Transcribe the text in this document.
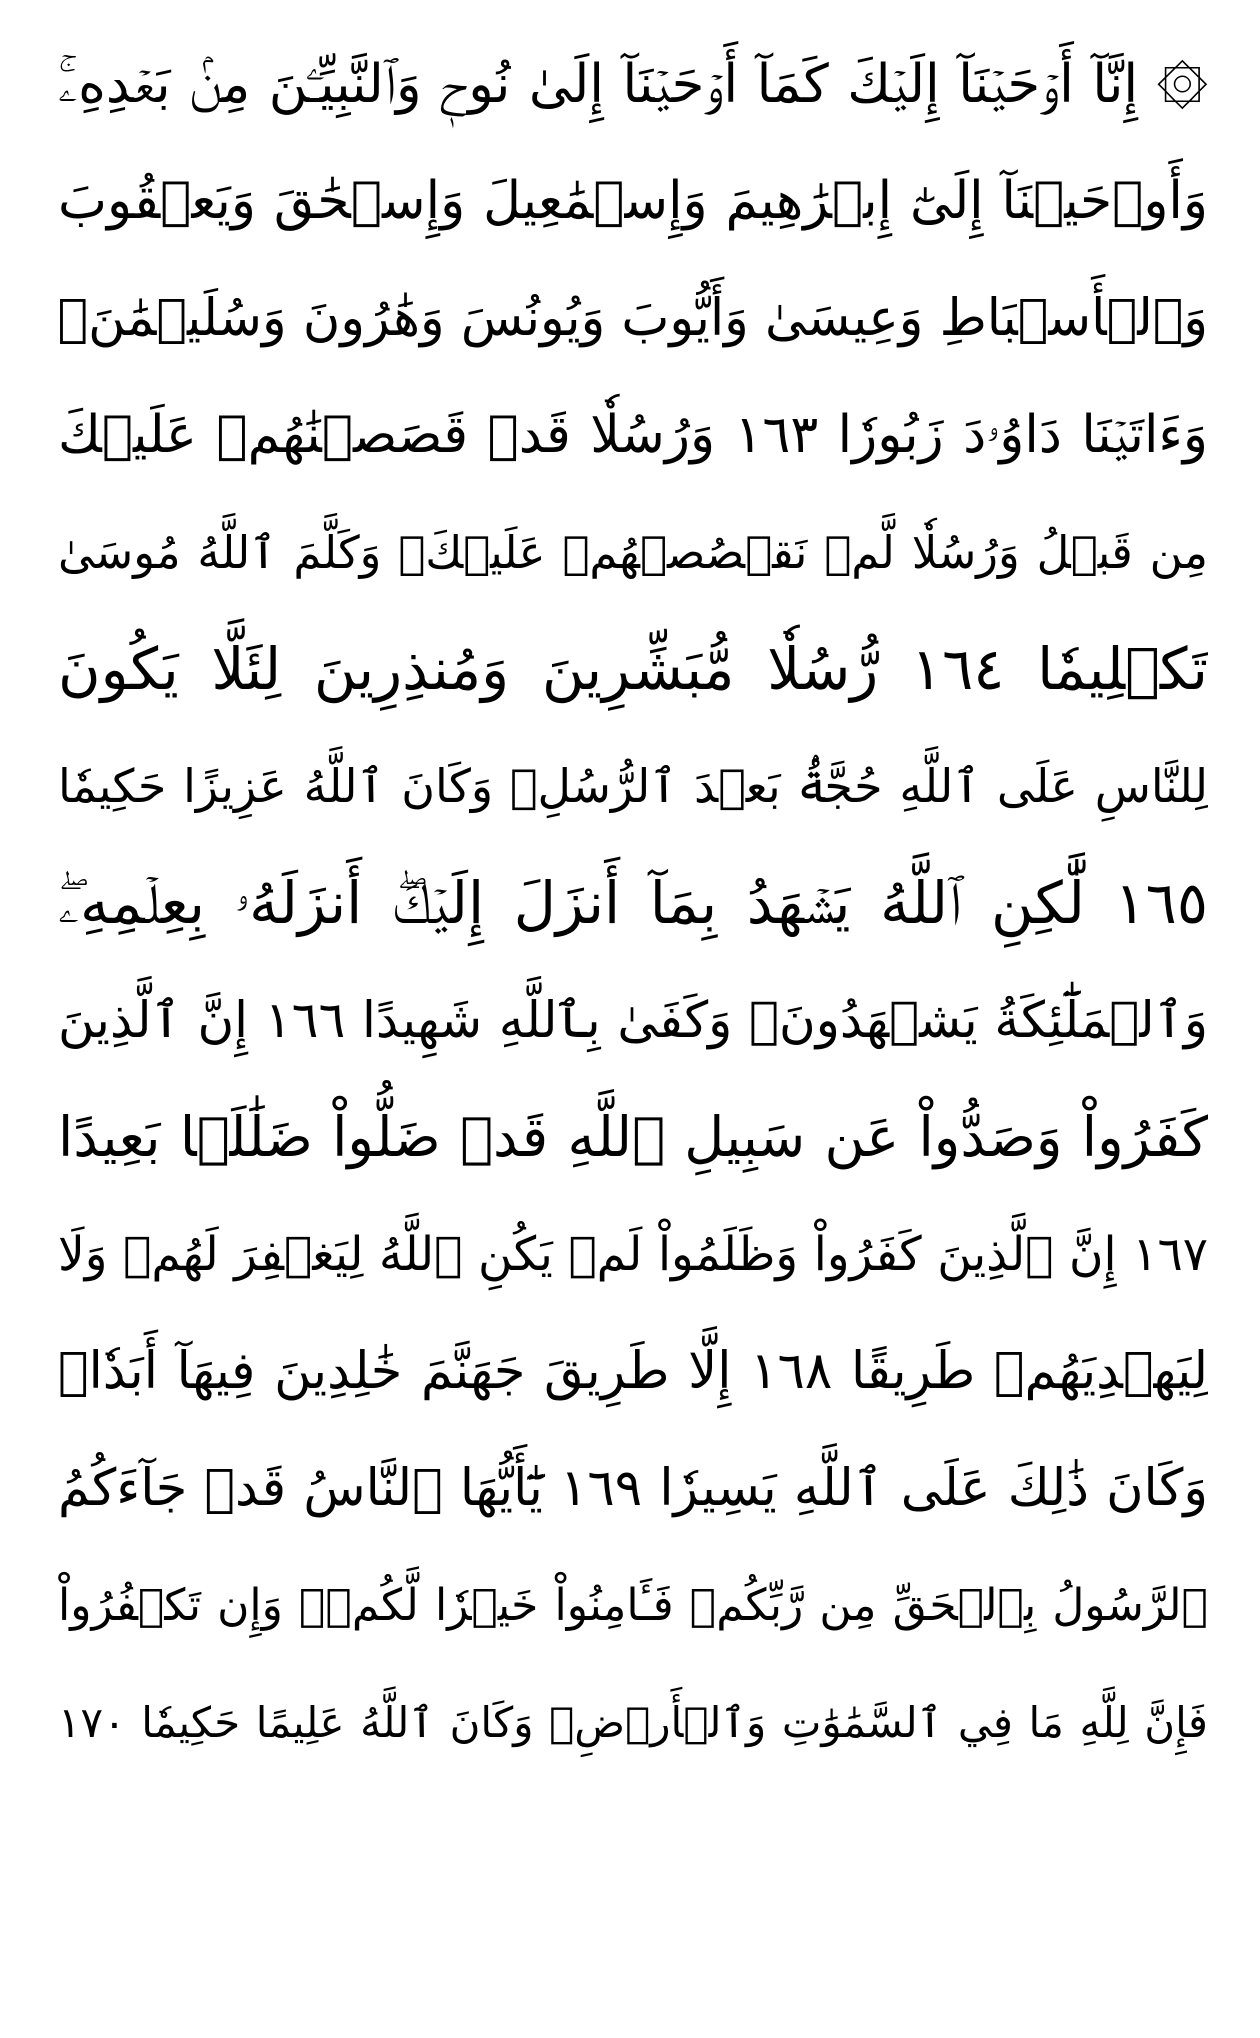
۞ إِنَّآ أَوۡحَيۡنَآ إِلَيۡكَ كَمَآ أَوۡحَيۡنَآ إِلَىٰ نُوحٖ وَٱلنَّبِيِّـۧنَ مِنۢ بَعۡدِهِۦۚ
وَأَوۡحَيۡنَآ إِلَىٰٓ إِبۡرَٰهِيمَ وَإِسۡمَٰعِيلَ وَإِسۡحَٰقَ وَيَعۡقُوبَ
وَٱلۡأَسۡبَاطِ وَعِيسَىٰ وَأَيُّوبَ وَيُونُسَ وَهَٰرُونَ وَسُلَيۡمَٰنَۚ
وَءَاتَيۡنَا دَاوُۥدَ زَبُورٗا ١٦٣ وَرُسُلٗا قَدۡ قَصَصۡنَٰهُمۡ عَلَيۡكَ
مِن قَبۡلُ وَرُسُلٗا لَّمۡ نَقۡصُصۡهُمۡ عَلَيۡكَۚ وَكَلَّمَ ٱللَّهُ مُوسَىٰ
تَكۡلِيمٗا ١٦٤ رُّسُلٗا مُّبَشِّرِينَ وَمُنذِرِينَ لِئَلَّا يَكُونَ
لِلنَّاسِ عَلَى ٱللَّهِ حُجَّةُۢ بَعۡدَ ٱلرُّسُلِۚ وَكَانَ ٱللَّهُ عَزِيزًا حَكِيمٗا
١٦٥ لَّٰكِنِ ٱللَّهُ يَشۡهَدُ بِمَآ أَنزَلَ إِلَيۡكَۖ أَنزَلَهُۥ بِعِلۡمِهِۦۖ
وَٱلۡمَلَٰٓئِكَةُ يَشۡهَدُونَۚ وَكَفَىٰ بِٱللَّهِ شَهِيدًا ١٦٦ إِنَّ ٱلَّذِينَ
كَفَرُواْ وَصَدُّواْ عَن سَبِيلِ ٱللَّهِ قَدۡ ضَلُّواْ ضَلَٰلَۢا بَعِيدًا
١٦٧ إِنَّ ٱلَّذِينَ كَفَرُواْ وَظَلَمُواْ لَمۡ يَكُنِ ٱللَّهُ لِيَغۡفِرَ لَهُمۡ وَلَا
لِيَهۡدِيَهُمۡ طَرِيقًا ١٦٨ إِلَّا طَرِيقَ جَهَنَّمَ خَٰلِدِينَ فِيهَآ أَبَدٗاۚ
وَكَانَ ذَٰلِكَ عَلَى ٱللَّهِ يَسِيرٗا ١٦٩ يَٰٓأَيُّهَا ٱلنَّاسُ قَدۡ جَآءَكُمُ
ٱلرَّسُولُ بِٱلۡحَقِّ مِن رَّبِّكُمۡ فَـَٔامِنُواْ خَيۡرٗا لَّكُمۡۚ وَإِن تَكۡفُرُواْ
فَإِنَّ لِلَّهِ مَا فِي ٱلسَّمَٰوَٰتِ وَٱلۡأَرۡضِۚ وَكَانَ ٱللَّهُ عَلِيمًا حَكِيمٗا ١٧٠
